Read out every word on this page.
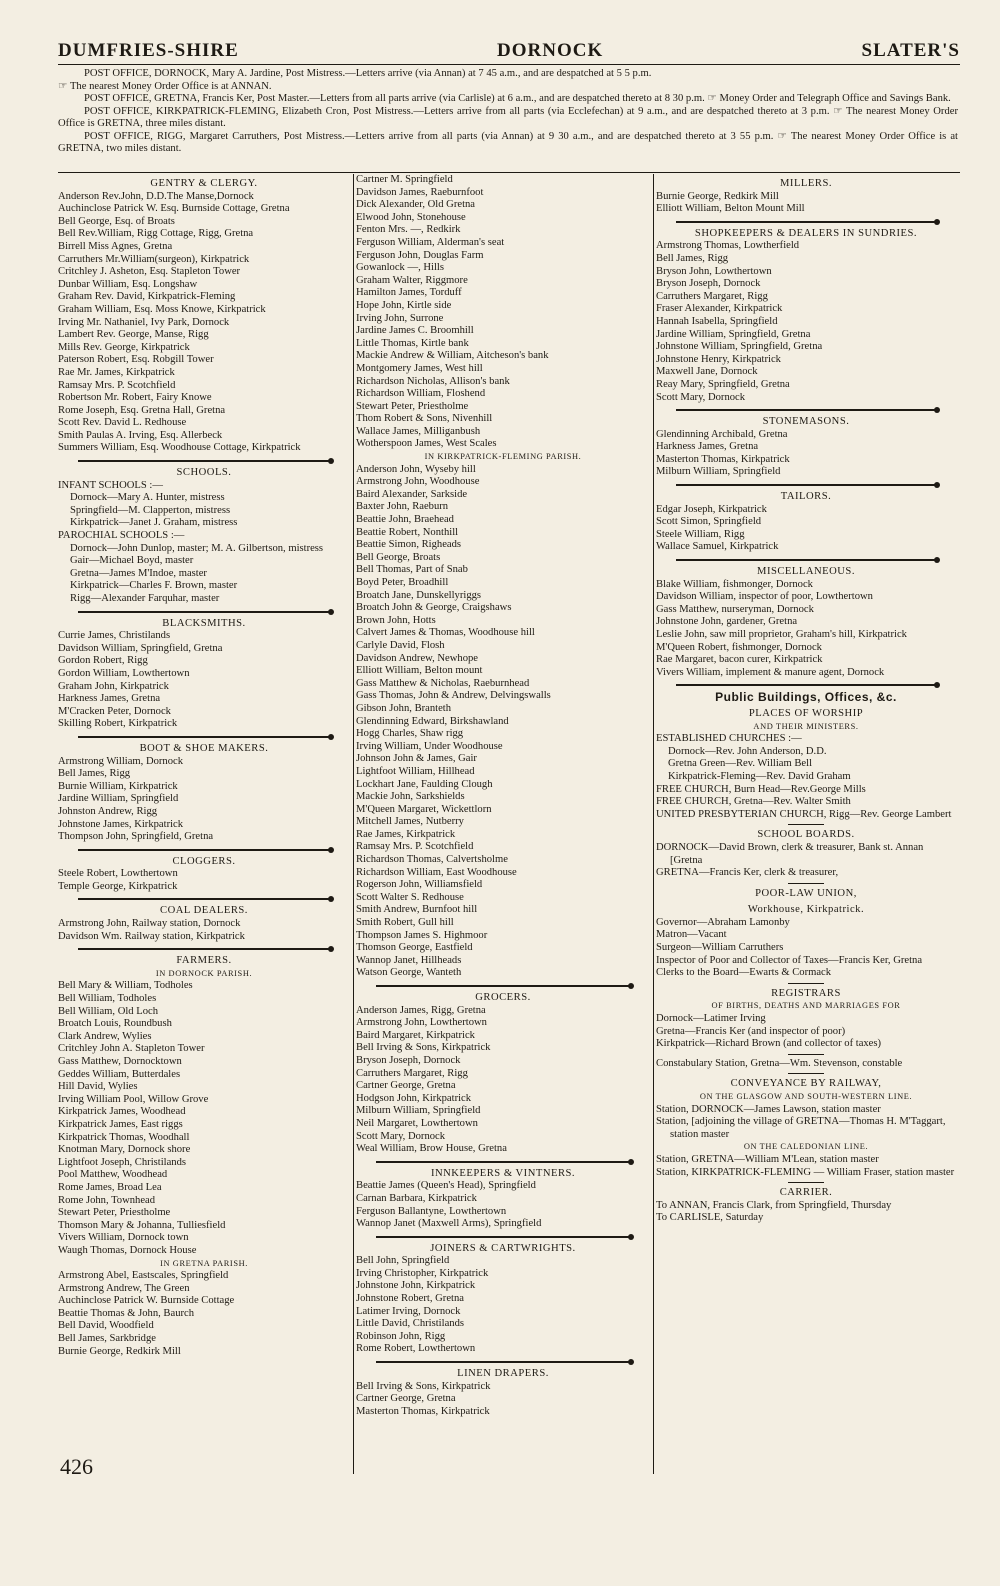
DUMFRIES-SHIRE	DORNOCK	SLATER'S

POST OFFICE, DORNOCK, Mary A. Jardine, Post Mistress.—Letters arrive (via Annan) at 7 45 a.m., and are despatched at 5 5 p.m.

☞ The nearest Money Order Office is at ANNAN.

POST OFFICE, GRETNA, Francis Ker, Post Master.—Letters from all parts arrive (via Carlisle) at 6 a.m., and are despatched thereto at 8 30 p.m. ☞ Money Order and Telegraph Office and Savings Bank.

POST OFFICE, KIRKPATRICK-FLEMING, Elizabeth Cron, Post Mistress.—Letters arrive from all parts (via Ecclefechan) at 9 a.m., and are despatched thereto at 3 p.m. ☞ The nearest Money Order Office is GRETNA, three miles distant.

POST OFFICE, RIGG, Margaret Carruthers, Post Mistress.—Letters arrive from all parts (via Annan) at 9 30 a.m., and are despatched thereto at 3 55 p.m. ☞ The nearest Money Order Office is at GRETNA, two miles distant.

GENTRY & CLERGY.
Anderson Rev.John, D.D.The Manse,Dornock
Auchinclose Patrick W. Esq. Burnside Cottage, Gretna
Bell George, Esq. of Broats
Bell Rev.William, Rigg Cottage, Rigg, Gretna
Birrell Miss Agnes, Gretna
Carruthers Mr.William(surgeon), Kirkpatrick
Critchley J. Asheton, Esq. Stapleton Tower
Dunbar William, Esq. Longshaw
Graham Rev. David, Kirkpatrick-Fleming
Graham William, Esq. Moss Knowe, Kirkpatrick
Irving Mr. Nathaniel, Ivy Park, Dornock
Lambert Rev. George, Manse, Rigg
Mills Rev. George, Kirkpatrick
Paterson Robert, Esq. Robgill Tower
Rae Mr. James, Kirkpatrick
Ramsay Mrs. P. Scotchfield
Robertson Mr. Robert, Fairy Knowe
Rome Joseph, Esq. Gretna Hall, Gretna
Scott Rev. David L. Redhouse
Smith Paulas A. Irving, Esq. Allerbeck
Summers William, Esq. Woodhouse Cottage, Kirkpatrick
SCHOOLS.
INFANT SCHOOLS :—
Dornock—Mary A. Hunter, mistress
Springfield—M. Clapperton, mistress
Kirkpatrick—Janet J. Graham, mistress
PAROCHIAL SCHOOLS :—
Dornock—John Dunlop, master; M. A. Gilbertson, mistress
Gair—Michael Boyd, master
Gretna—James M'Indoe, master
Kirkpatrick—Charles F. Brown, master
Rigg—Alexander Farquhar, master
BLACKSMITHS.
Currie James, Christilands
Davidson William, Springfield, Gretna
Gordon Robert, Rigg
Gordon William, Lowthertown
Graham John, Kirkpatrick
Harkness James, Gretna
M'Cracken Peter, Dornock
Skilling Robert, Kirkpatrick
BOOT & SHOE MAKERS.
Armstrong William, Dornock
Bell James, Rigg
Burnie William, Kirkpatrick
Jardine William, Springfield
Johnston Andrew, Rigg
Johnstone James, Kirkpatrick
Thompson John, Springfield, Gretna
CLOGGERS.
Steele Robert, Lowthertown
Temple George, Kirkpatrick
COAL DEALERS.
Armstrong John, Railway station, Dornock
Davidson Wm. Railway station, Kirkpatrick
FARMERS.
IN DORNOCK PARISH.
Bell Mary & William, Todholes
Bell William, Todholes
Bell William, Old Loch
Broatch Louis, Roundbush
Clark Andrew, Wylies
Critchley John A. Stapleton Tower
Gass Matthew, Dornocktown
Geddes William, Butterdales
Hill David, Wylies
Irving William Pool, Willow Grove
Kirkpatrick James, Woodhead
Kirkpatrick James, East riggs
Kirkpatrick Thomas, Woodhall
Knotman Mary, Dornock shore
Lightfoot Joseph, Christilands
Pool Matthew, Woodhead
Rome James, Broad Lea
Rome John, Townhead
Stewart Peter, Priestholme
Thomson Mary & Johanna, Tulliesfield
Vivers William, Dornock town
Waugh Thomas, Dornock House
IN GRETNA PARISH.
Armstrong Abel, Eastscales, Springfield
Armstrong Andrew, The Green
Auchinclose Patrick W. Burnside Cottage
Beattie Thomas & John, Baurch
Bell David, Woodfield
Bell James, Sarkbridge
Burnie George, Redkirk Mill
Cartner M. Springfield
Davidson James, Raeburnfoot
Dick Alexander, Old Gretna
Elwood John, Stonehouse
Fenton Mrs. —, Redkirk
Ferguson William, Alderman's seat
Ferguson John, Douglas Farm
Gowanlock —, Hills
Graham Walter, Riggmore
Hamilton James, Torduff
Hope John, Kirtle side
Irving John, Surrone
Jardine James C. Broomhill
Little Thomas, Kirtle bank
Mackie Andrew & William, Aitcheson's bank
Montgomery James, West hill
Richardson Nicholas, Allison's bank
Richardson William, Floshend
Stewart Peter, Priestholme
Thom Robert & Sons, Nivenhill
Wallace James, Milliganbush
Wotherspoon James, West Scales
IN KIRKPATRICK-FLEMING PARISH.
Anderson John, Wyseby hill
Armstrong John, Woodhouse
Baird Alexander, Sarkside
Baxter John, Raeburn
Beattie John, Braehead
Beattie Robert, Nonthill
Beattie Simon, Righeads
Bell George, Broats
Bell Thomas, Part of Snab
Boyd Peter, Broadhill
Broatch Jane, Dunskellyriggs
Broatch John & George, Craigshaws
Brown John, Hotts
Calvert James & Thomas, Woodhouse hill
Carlyle David, Flosh
Davidson Andrew, Newhope
Elliott William, Belton mount
Gass Matthew & Nicholas, Raeburnhead
Gass Thomas, John & Andrew, Delvingswalls
Gibson John, Branteth
Glendinning Edward, Birkshawland
Hogg Charles, Shaw rigg
Irving William, Under Woodhouse
Johnson John & James, Gair
Lightfoot William, Hillhead
Lockhart Jane, Faulding Clough
Mackie John, Sarkshields
M'Queen Margaret, Wickettlorn
Mitchell James, Nutberry
Rae James, Kirkpatrick
Ramsay Mrs. P. Scotchfield
Richardson Thomas, Calvertsholme
Richardson William, East Woodhouse
Rogerson John, Williamsfield
Scott Walter S. Redhouse
Smith Andrew, Burnfoot hill
Smith Robert, Gull hill
Thompson James S. Highmoor
Thomson George, Eastfield
Wannop Janet, Hillheads
Watson George, Wanteth
GROCERS.
Anderson James, Rigg, Gretna
Armstrong John, Lowthertown
Baird Margaret, Kirkpatrick
Bell Irving & Sons, Kirkpatrick
Bryson Joseph, Dornock
Carruthers Margaret, Rigg
Cartner George, Gretna
Hodgson John, Kirkpatrick
Milburn William, Springfield
Neil Margaret, Lowthertown
Scott Mary, Dornock
Weal William, Brow House, Gretna
INNKEEPERS & VINTNERS.
Beattie James (Queen's Head), Springfield
Carnan Barbara, Kirkpatrick
Ferguson Ballantyne, Lowthertown
Wannop Janet (Maxwell Arms), Springfield
JOINERS & CARTWRIGHTS.
Bell John, Springfield
Irving Christopher, Kirkpatrick
Johnstone John, Kirkpatrick
Johnstone Robert, Gretna
Latimer Irving, Dornock
Little David, Christilands
Robinson John, Rigg
Rome Robert, Lowthertown
LINEN DRAPERS.
Bell Irving & Sons, Kirkpatrick
Cartner George, Gretna
Masterton Thomas, Kirkpatrick
MILLERS.
Burnie George, Redkirk Mill
Elliott William, Belton Mount Mill
SHOPKEEPERS & DEALERS IN SUNDRIES.
Armstrong Thomas, Lowtherfield
Bell James, Rigg
Bryson John, Lowthertown
Bryson Joseph, Dornock
Carruthers Margaret, Rigg
Fraser Alexander, Kirkpatrick
Hannah Isabella, Springfield
Jardine William, Springfield, Gretna
Johnstone William, Springfield, Gretna
Johnstone Henry, Kirkpatrick
Maxwell Jane, Dornock
Reay Mary, Springfield, Gretna
Scott Mary, Dornock
STONEMASONS.
Glendinning Archibald, Gretna
Harkness James, Gretna
Masterton Thomas, Kirkpatrick
Milburn William, Springfield
TAILORS.
Edgar Joseph, Kirkpatrick
Scott Simon, Springfield
Steele William, Rigg
Wallace Samuel, Kirkpatrick
MISCELLANEOUS.
Blake William, fishmonger, Dornock
Davidson William, inspector of poor, Lowthertown
Gass Matthew, nurseryman, Dornock
Johnstone John, gardener, Gretna
Leslie John, saw mill proprietor, Graham's hill, Kirkpatrick
M'Queen Robert, fishmonger, Dornock
Rae Margaret, bacon curer, Kirkpatrick
Vivers William, implement & manure agent, Dornock
Public Buildings, Offices, &c.
PLACES OF WORSHIP
AND THEIR MINISTERS.
ESTABLISHED CHURCHES :—
Dornock—Rev. John Anderson, D.D.
Gretna Green—Rev. William Bell
Kirkpatrick-Fleming—Rev. David Graham
FREE CHURCH, Burn Head—Rev.George Mills
FREE CHURCH, Gretna—Rev. Walter Smith
UNITED PRESBYTERIAN CHURCH, Rigg—Rev. George Lambert
SCHOOL BOARDS.
DORNOCK—David Brown, clerk & treasurer, Bank st. Annan [Gretna
GRETNA—Francis Ker, clerk & treasurer,
POOR-LAW UNION,
Workhouse, Kirkpatrick.
Governor—Abraham Lamonby
Matron—Vacant
Surgeon—William Carruthers
Inspector of Poor and Collector of Taxes—Francis Ker, Gretna
Clerks to the Board—Ewarts & Cormack
REGISTRARS
OF BIRTHS, DEATHS AND MARRIAGES FOR
Dornock—Latimer Irving
Gretna—Francis Ker (and inspector of poor)
Kirkpatrick—Richard Brown (and collector of taxes)
Constabulary Station, Gretna—Wm. Stevenson, constable
CONVEYANCE BY RAILWAY,
ON THE GLASGOW AND SOUTH-WESTERN LINE.
Station, DORNOCK—James Lawson, station master
Station, [adjoining the village of GRETNA—Thomas H. M'Taggart, station master
ON THE CALEDONIAN LINE.
Station, GRETNA—William M'Lean, station master
Station, KIRKPATRICK-FLEMING — William Fraser, station master
CARRIER.
To ANNAN, Francis Clark, from Springfield, Thursday
To CARLISLE, Saturday
426
